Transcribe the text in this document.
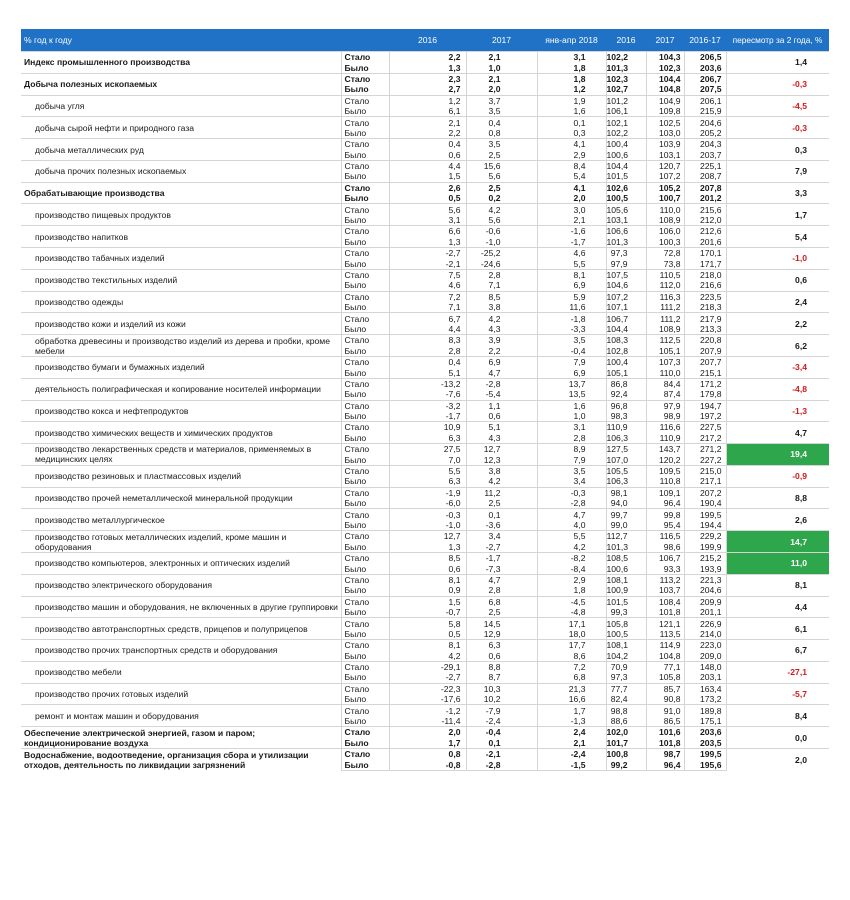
% год к году		2016	2017	янв-апр 2018	2016	2017	2016-17	пересмотр за 2 года, %
Индекс промышленного производства	Стало	2,2	2,1	3,1	102,2	104,3	206,5	1,4
	Было	1,3	1,0	1,8	101,3	102,3	203,6	
Добыча полезных ископаемых	Стало	2,3	2,1	1,8	102,3	104,4	206,7	-0,3
	Было	2,7	2,0	1,2	102,7	104,8	207,5	
добыча угля	Стало	1,2	3,7	1,9	101,2	104,9	206,1	-4,5
	Было	6,1	3,5	1,6	106,1	109,8	215,9	
добыча сырой нефти и природного газа	Стало	2,1	0,4	0,1	102,1	102,5	204,6	-0,3
	Было	2,2	0,8	0,3	102,2	103,0	205,2	
добыча металлических руд	Стало	0,4	3,5	4,1	100,4	103,9	204,3	0,3
	Было	0,6	2,5	2,9	100,6	103,1	203,7	
добыча прочих полезных ископаемых	Стало	4,4	15,6	8,4	104,4	120,7	225,1	7,9
	Было	1,5	5,6	5,4	101,5	107,2	208,7	
Обрабатывающие производства	Стало	2,6	2,5	4,1	102,6	105,2	207,8	3,3
	Было	0,5	0,2	2,0	100,5	100,7	201,2	
производство пищевых продуктов	Стало	5,6	4,2	3,0	105,6	110,0	215,6	1,7
	Было	3,1	5,6	2,1	103,1	108,9	212,0	
производство напитков	Стало	6,6	-0,6	-1,6	106,6	106,0	212,6	5,4
	Было	1,3	-1,0	-1,7	101,3	100,3	201,6	
производство табачных изделий	Стало	-2,7	-25,2	4,6	97,3	72,8	170,1	-1,0
	Было	-2,1	-24,6	5,5	97,9	73,8	171,7	
производство текстильных изделий	Стало	7,5	2,8	8,1	107,5	110,5	218,0	0,6
	Было	4,6	7,1	6,9	104,6	112,0	216,6	
производство одежды	Стало	7,2	8,5	5,9	107,2	116,3	223,5	2,4
	Было	7,1	3,8	11,6	107,1	111,2	218,3	
производство кожи и изделий из кожи	Стало	6,7	4,2	-1,8	106,7	111,2	217,9	2,2
	Было	4,4	4,3	-3,3	104,4	108,9	213,3	
обработка древесины и производство изделий из дерева и пробки, кроме мебели	Стало	8,3	3,9	3,5	108,3	112,5	220,8	6,2
	Было	2,8	2,2	-0,4	102,8	105,1	207,9	
производство бумаги и бумажных изделий	Стало	0,4	6,9	7,9	100,4	107,3	207,7	-3,4
	Было	5,1	4,7	6,9	105,1	110,0	215,1	
деятельность полиграфическая и копирование носителей информации	Стало	-13,2	-2,8	13,7	86,8	84,4	171,2	-4,8
	Было	-7,6	-5,4	13,5	92,4	87,4	179,8	
производство кокса и нефтепродуктов	Стало	-3,2	1,1	1,6	96,8	97,9	194,7	-1,3
	Было	-1,7	0,6	1,0	98,3	98,9	197,2	
производство химических веществ и химических продуктов	Стало	10,9	5,1	3,1	110,9	116,6	227,5	4,7
	Было	6,3	4,3	2,8	106,3	110,9	217,2	
производство лекарственных средств и материалов, применяемых в медицинских целях	Стало	27,5	12,7	8,9	127,5	143,7	271,2	19,4
	Было	7,0	12,3	7,9	107,0	120,2	227,2	
производство резиновых и пластмассовых изделий	Стало	5,5	3,8	3,5	105,5	109,5	215,0	-0,9
	Было	6,3	4,2	3,4	106,3	110,8	217,1	
производство прочей неметаллической минеральной продукции	Стало	-1,9	11,2	-0,3	98,1	109,1	207,2	8,8
	Было	-6,0	2,5	-2,8	94,0	96,4	190,4	
производство металлургическое	Стало	-0,3	0,1	4,7	99,7	99,8	199,5	2,6
	Было	-1,0	-3,6	4,0	99,0	95,4	194,4	
производство готовых металлических изделий, кроме машин и оборудования	Стало	12,7	3,4	5,5	112,7	116,5	229,2	14,7
	Было	1,3	-2,7	4,2	101,3	98,6	199,9	
производство компьютеров, электронных и оптических изделий	Стало	8,5	-1,7	-8,2	108,5	106,7	215,2	11,0
	Было	0,6	-7,3	-8,4	100,6	93,3	193,9	
производство электрического оборудования	Стало	8,1	4,7	2,9	108,1	113,2	221,3	8,1
	Было	0,9	2,8	1,8	100,9	103,7	204,6	
производство машин и оборудования, не включенных в другие группировки	Стало	1,5	6,8	-4,5	101,5	108,4	209,9	4,4
	Было	-0,7	2,5	-4,8	99,3	101,8	201,1	
производство автотранспортных средств, прицепов и полуприцепов	Стало	5,8	14,5	17,1	105,8	121,1	226,9	6,1
	Было	0,5	12,9	18,0	100,5	113,5	214,0	
производство прочих транспортных средств и оборудования	Стало	8,1	6,3	17,7	108,1	114,9	223,0	6,7
	Было	4,2	0,6	8,6	104,2	104,8	209,0	
производство мебели	Стало	-29,1	8,8	7,2	70,9	77,1	148,0	-27,1
	Было	-2,7	8,7	6,8	97,3	105,8	203,1	
производство прочих готовых изделий	Стало	-22,3	10,3	21,3	77,7	85,7	163,4	-5,7
	Было	-17,6	10,2	16,6	82,4	90,8	173,2	
ремонт и монтаж машин и оборудования	Стало	-1,2	-7,9	1,7	98,8	91,0	189,8	8,4
	Было	-11,4	-2,4	-1,3	88,6	86,5	175,1	
Обеспечение электрической энергией, газом и паром; кондиционирование воздуха	Стало	2,0	-0,4	2,4	102,0	101,6	203,6	0,0
	Было	1,7	0,1	2,1	101,7	101,8	203,5	
Водоснабжение, водоотведение, организация сбора и утилизации отходов, деятельность по ликвидации загрязнений	Стало	0,8	-2,1	-2,4	100,8	98,7	199,5	2,0
	Было	-0,8	-2,8	-1,5	99,2	96,4	195,6	
